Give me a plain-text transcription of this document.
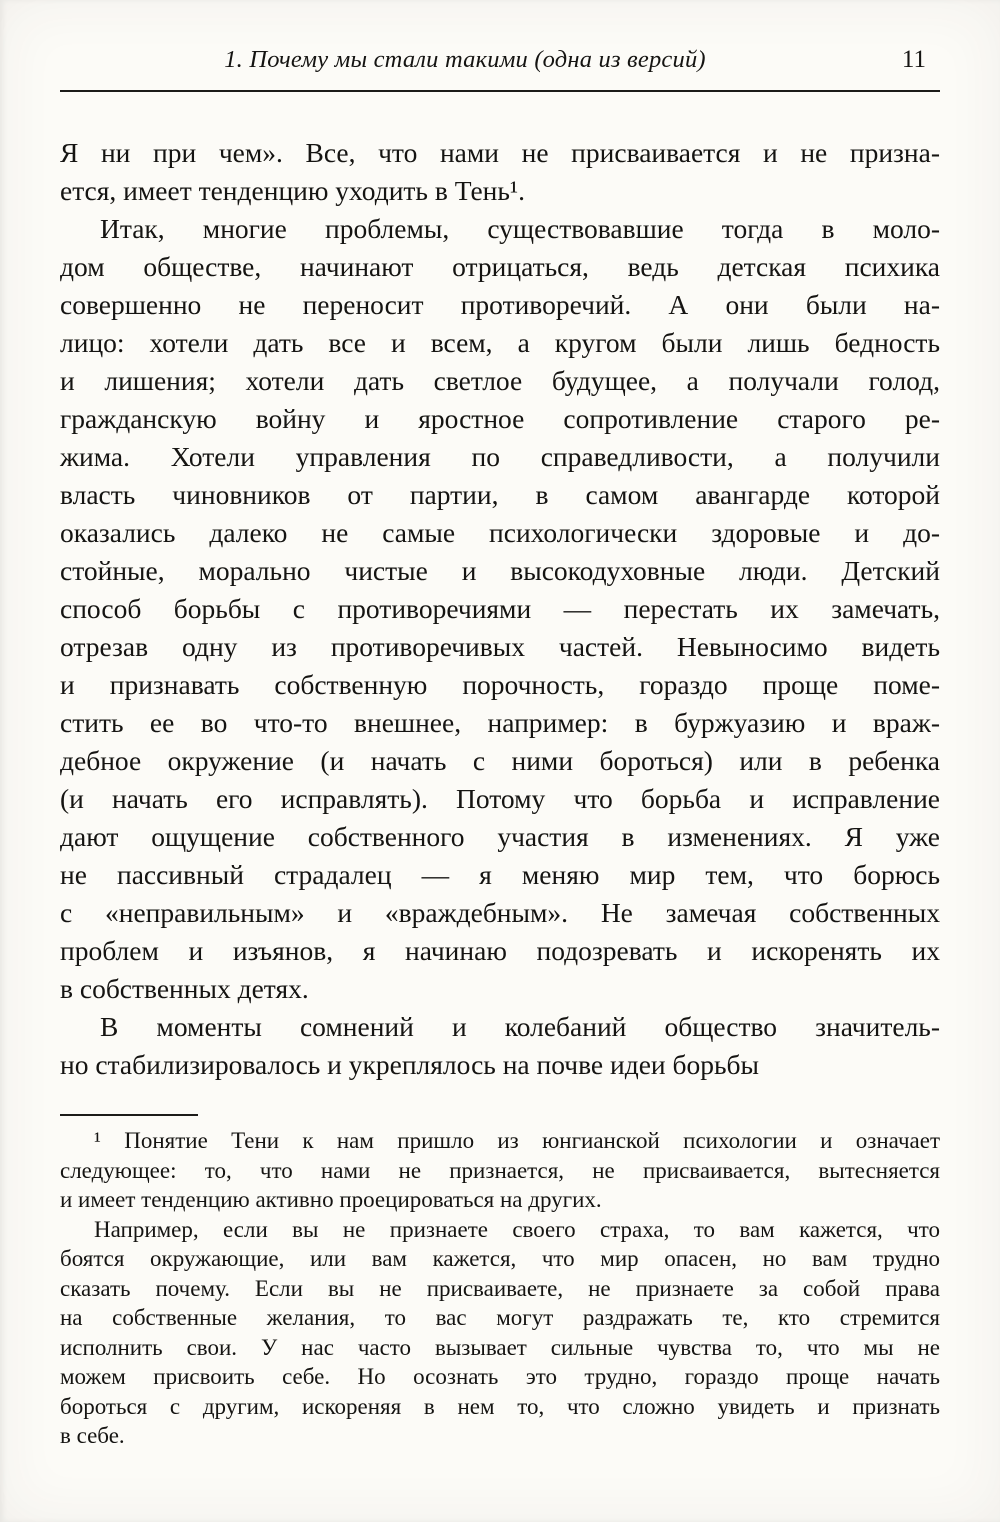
1. Почему мы стали такими (одна из версий)	11
Я ни при чем». Все, что нами не присваивается и не призна-
ется, имеет тенденцию уходить в Тень¹.
Итак, многие проблемы, существовавшие тогда в моло-
дом обществе, начинают отрицаться, ведь детская психика
совершенно не переносит противоречий. А они были на-
лицо: хотели дать все и всем, а кругом были лишь бедность
и лишения; хотели дать светлое будущее, а получали голод,
гражданскую войну и яростное сопротивление старого ре-
жима. Хотели управления по справедливости, а получили
власть чиновников от партии, в самом авангарде которой
оказались далеко не самые психологически здоровые и до-
стойные, морально чистые и высокодуховные люди. Детский
способ борьбы с противоречиями — перестать их замечать,
отрезав одну из противоречивых частей. Невыносимо видеть
и признавать собственную порочность, гораздо проще поме-
стить ее во что-то внешнее, например: в буржуазию и враж-
дебное окружение (и начать с ними бороться) или в ребенка
(и начать его исправлять). Потому что борьба и исправление
дают ощущение собственного участия в изменениях. Я уже
не пассивный страдалец — я меняю мир тем, что борюсь
с «неправильным» и «враждебным». Не замечая собственных
проблем и изъянов, я начинаю подозревать и искоренять их
в собственных детях.
В моменты сомнений и колебаний общество значитель-
но стабилизировалось и укреплялось на почве идеи борьбы
¹ Понятие Тени к нам пришло из юнгианской психологии и означает
следующее: то, что нами не признается, не присваивается, вытесняется
и имеет тенденцию активно проецироваться на других.
Например, если вы не признаете своего страха, то вам кажется, что
боятся окружающие, или вам кажется, что мир опасен, но вам трудно
сказать почему. Если вы не присваиваете, не признаете за собой права
на собственные желания, то вас могут раздражать те, кто стремится
исполнить свои. У нас часто вызывает сильные чувства то, что мы не
можем присвоить себе. Но осознать это трудно, гораздо проще начать
бороться с другим, искореняя в нем то, что сложно увидеть и признать
в себе.
